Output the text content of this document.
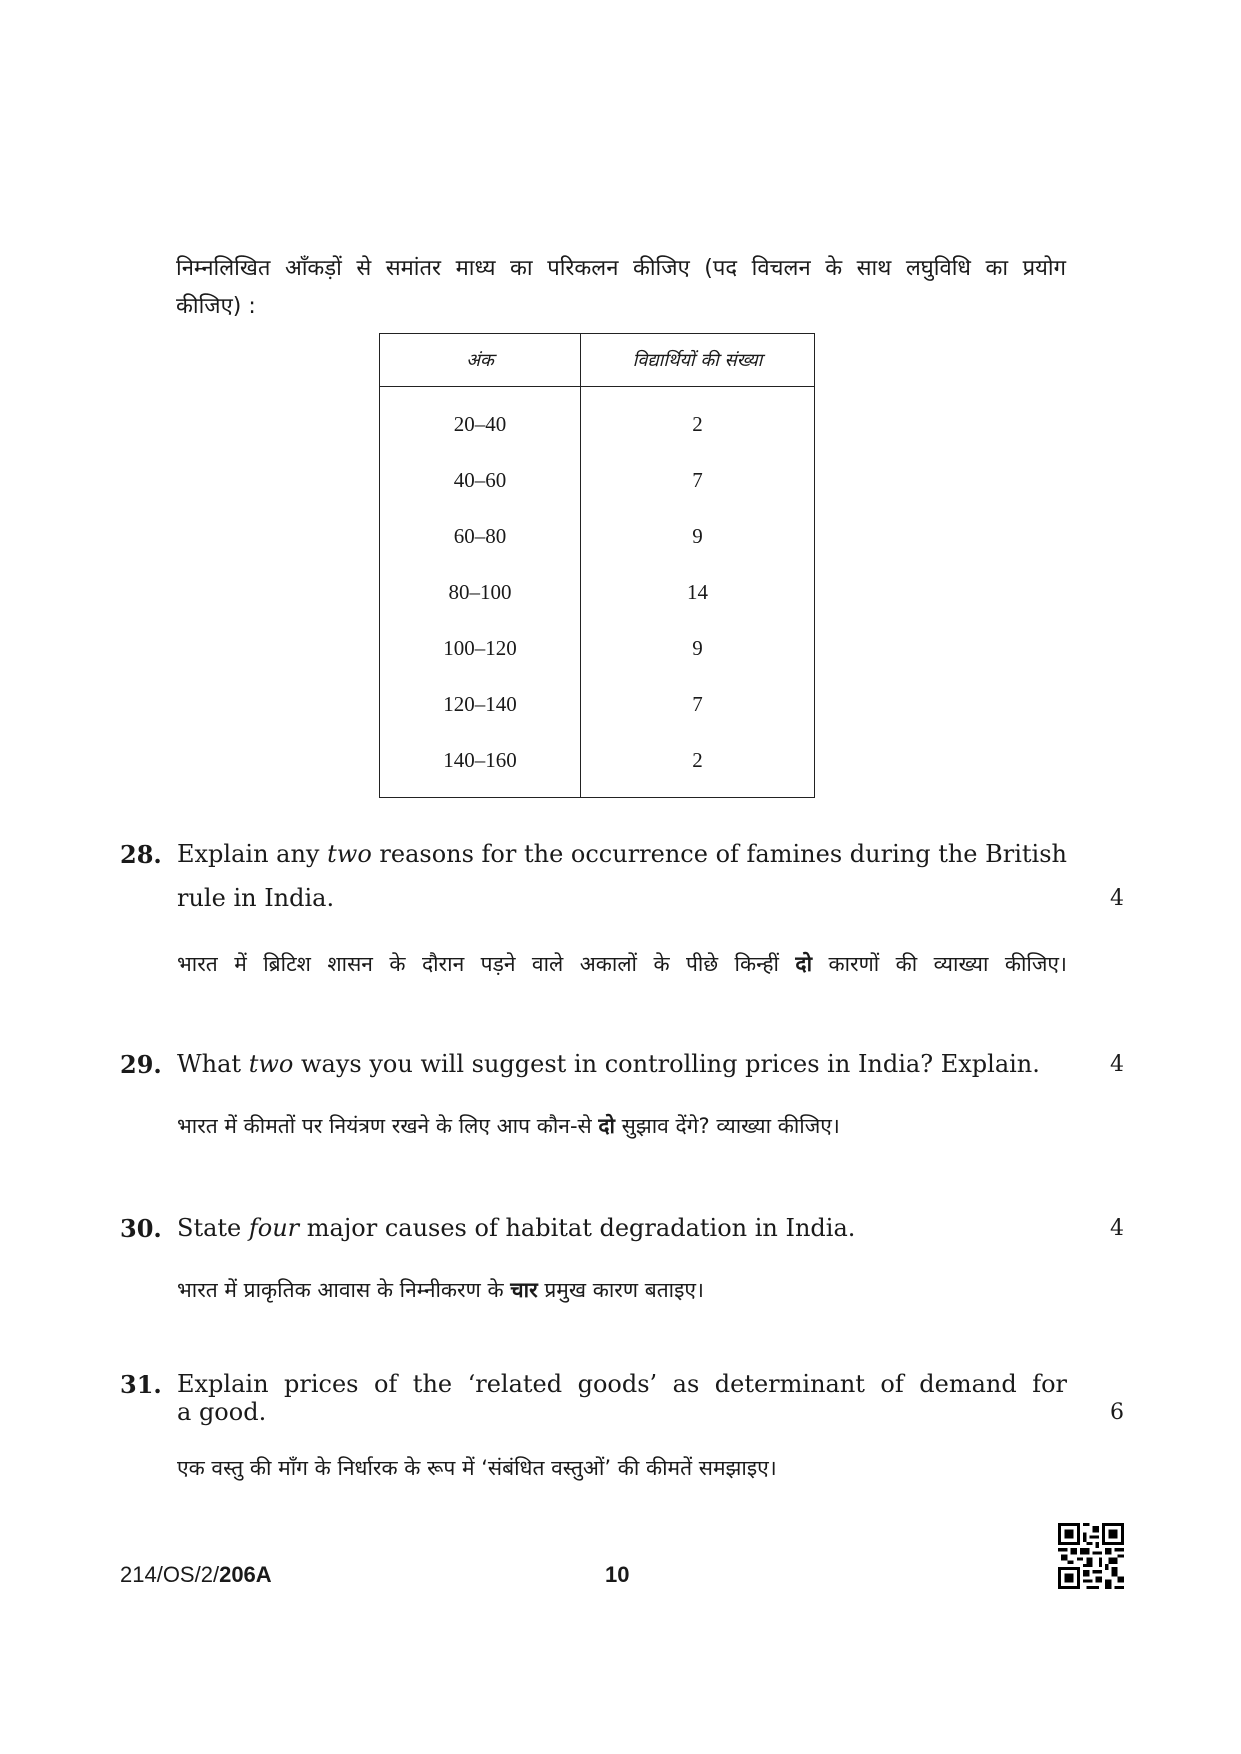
निम्नलिखित आँकड़ों से समांतर माध्य का परिकलन कीजिए (पद विचलन के साथ लघुविधि का प्रयोग
कीजिए) :
अंक	विद्यार्थियों की संख्या
20–40	2
40–60	7
60–80	9
80–100	14
100–120	9
120–140	7
140–160	2
28. Explain any two reasons for the occurrence of famines during the British
rule in India.	4
भारत में ब्रिटिश शासन के दौरान पड़ने वाले अकालों के पीछे किन्हीं दो कारणों की व्याख्या कीजिए।
29. What two ways you will suggest in controlling prices in India? Explain.	4
भारत में कीमतों पर नियंत्रण रखने के लिए आप कौन-से दो सुझाव देंगे? व्याख्या कीजिए।
30. State four major causes of habitat degradation in India.	4
भारत में प्राकृतिक आवास के निम्नीकरण के चार प्रमुख कारण बताइए।
31. Explain prices of the ‘related goods’ as determinant of demand for
a good.	6
एक वस्तु की माँग के निर्धारक के रूप में ‘संबंधित वस्तुओं’ की कीमतें समझाइए।
214/OS/2/206A	10
